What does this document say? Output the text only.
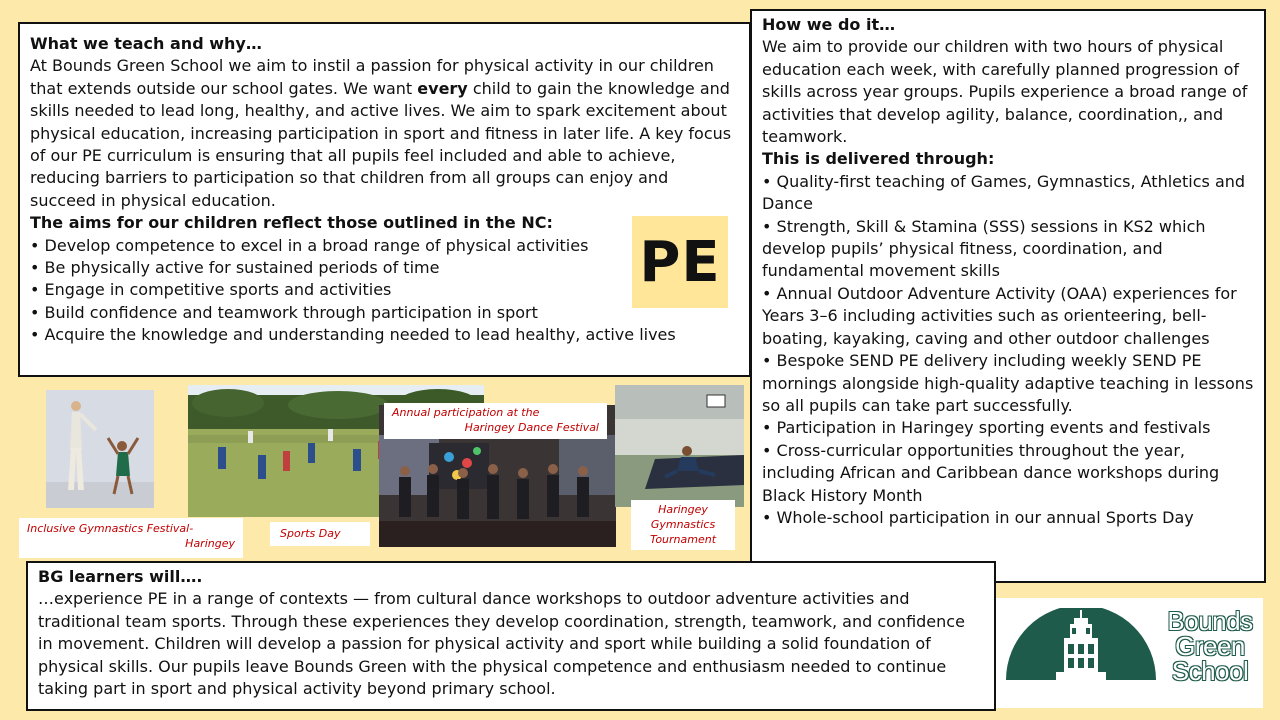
What we teach and why…
At Bounds Green School we aim to instil a passion for physical activity in our children that extends outside our school gates. We want every child to gain the knowledge and skills needed to lead long, healthy, and active lives. We aim to spark excitement about physical education, increasing participation in sport and fitness in later life. A key focus of our PE curriculum is ensuring that all pupils feel included and able to achieve, reducing barriers to participation so that children from all groups can enjoy and succeed in physical education.
The aims for our children reflect those outlined in the NC:
• Develop competence to excel in a broad range of physical activities
• Be physically active for sustained periods of time
• Engage in competitive sports and activities
• Build confidence and teamwork through participation in sport
• Acquire the knowledge and understanding needed to lead healthy, active lives
PE
How we do it…
We aim to provide our children with two hours of physical education each week, with carefully planned progression of skills across year groups. Pupils experience a broad range of activities that develop agility, balance, coordination,, and teamwork.
This is delivered through:
• Quality-first teaching of Games, Gymnastics, Athletics and Dance
• Strength, Skill & Stamina (SSS) sessions in KS2 which develop pupils’ physical fitness, coordination, and fundamental movement skills
• Annual Outdoor Adventure Activity (OAA) experiences for Years 3–6 including activities such as orienteering, bell-boating, kayaking, caving and other outdoor challenges
• Bespoke SEND PE delivery including weekly SEND PE mornings alongside high-quality adaptive teaching in lessons so all pupils can take part successfully.
• Participation in Haringey sporting events and festivals
• Cross-curricular opportunities throughout the year, including African and Caribbean dance workshops during Black History Month
• Whole-school participation in our annual Sports Day
Inclusive Gymnastics Festival-
Haringey
Sports Day
Annual participation at the
Haringey Dance Festival
Haringey
Gymnastics
Tournament
BG learners will….
…experience PE in a range of contexts — from cultural dance workshops to outdoor adventure activities and traditional team sports. Through these experiences they develop coordination, strength, teamwork, and confidence in movement. Children will develop a passion for physical activity and sport while building a solid foundation of physical skills. Our pupils leave Bounds Green with the physical competence and enthusiasm needed to continue taking part in sport and physical activity beyond primary school.
Bounds
Green
School
